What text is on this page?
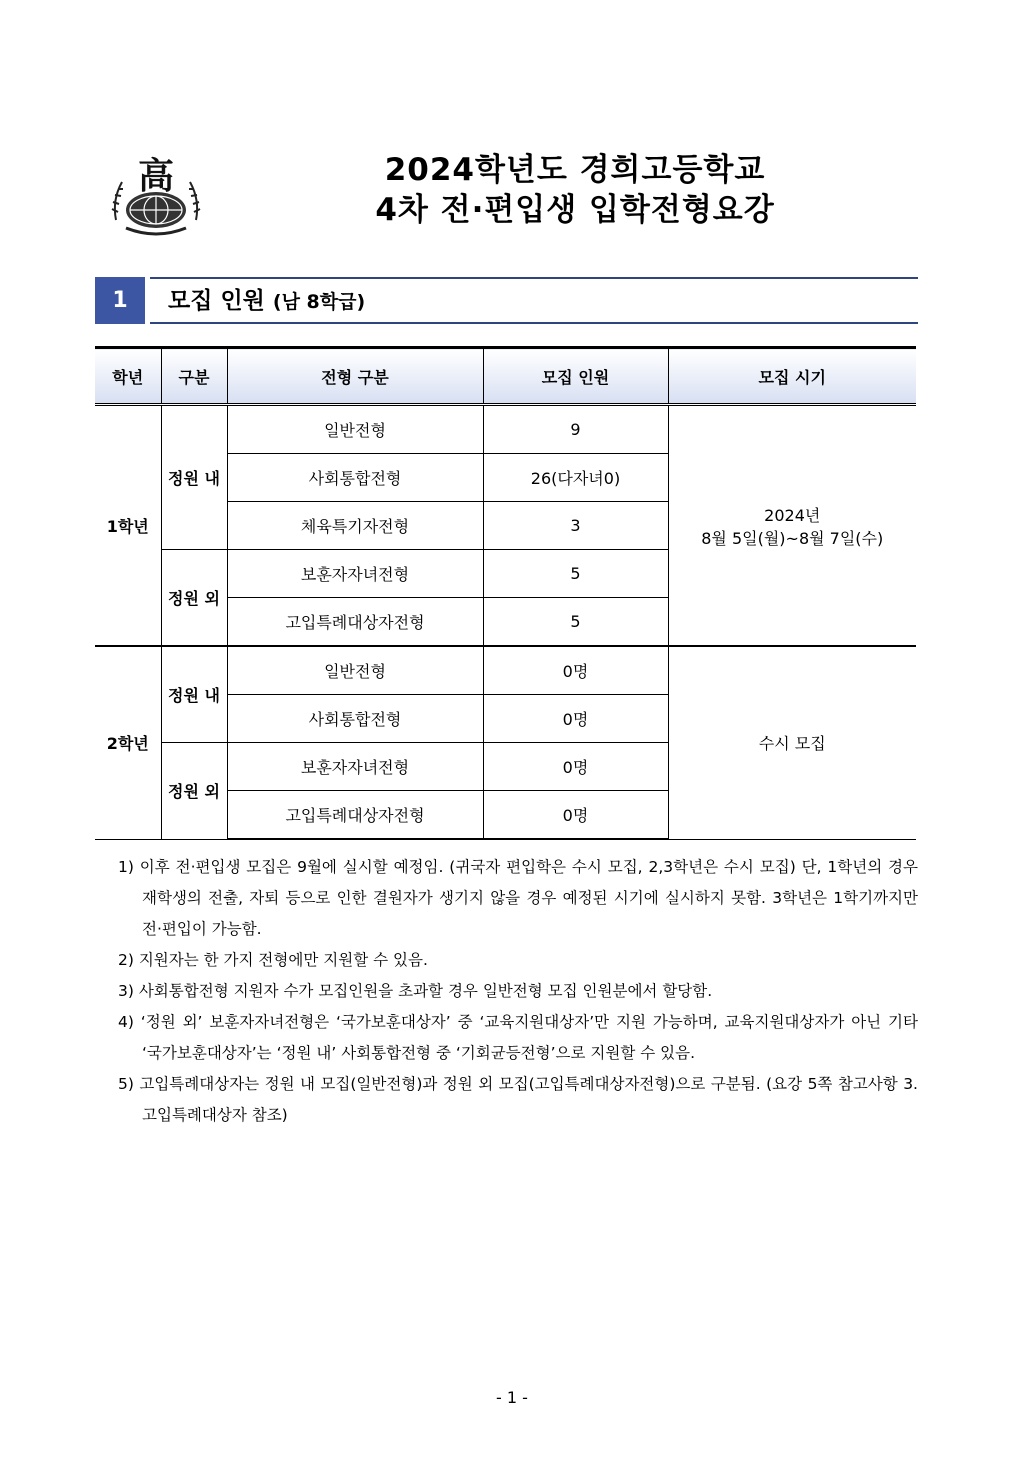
高	2024학년도 경희고등학교
4차 전·편입생 입학전형요강
1	모집 인원 (남 8학급)
학년	구분	전형 구분	모집 인원	모집 시기
1학년	정원 내	일반전형	9	2024년
8월 5일(월)~8월 7일(수)

		사회통합전형	26(다자녀0)	
		체육특기자전형	3	
	정원 외	보훈자자녀전형	5	
		고입특례대상자전형	5	
2학년	정원 내	일반전형	0명	수시 모집
		사회통합전형	0명	
	정원 외	보훈자자녀전형	0명	
		고입특례대상자전형	0명	
1) 이후 전·편입생 모집은 9월에 실시할 예정임. (귀국자 편입학은 수시 모집, 2,3학년은 수시 모집) 단, 1학년의 경우 재학생의 전출, 자퇴 등으로 인한 결원자가 생기지 않을 경우 예정된 시기에 실시하지 못함. 3학년은 1학기까지만 전·편입이 가능함.
2) 지원자는 한 가지 전형에만 지원할 수 있음.
3) 사회통합전형 지원자 수가 모집인원을 초과할 경우 일반전형 모집 인원분에서 할당함.
4) ‘정원 외’ 보훈자자녀전형은 ‘국가보훈대상자’ 중 ‘교육지원대상자’만 지원 가능하며, 교육지원대상자가 아닌 기타 ‘국가보훈대상자’는 ‘정원 내’ 사회통합전형 중 ‘기회균등전형’으로 지원할 수 있음.
5) 고입특례대상자는 정원 내 모집(일반전형)과 정원 외 모집(고입특례대상자전형)으로 구분됨. (요강 5쪽 참고사항 3. 고입특례대상자 참조)
- 1 -
